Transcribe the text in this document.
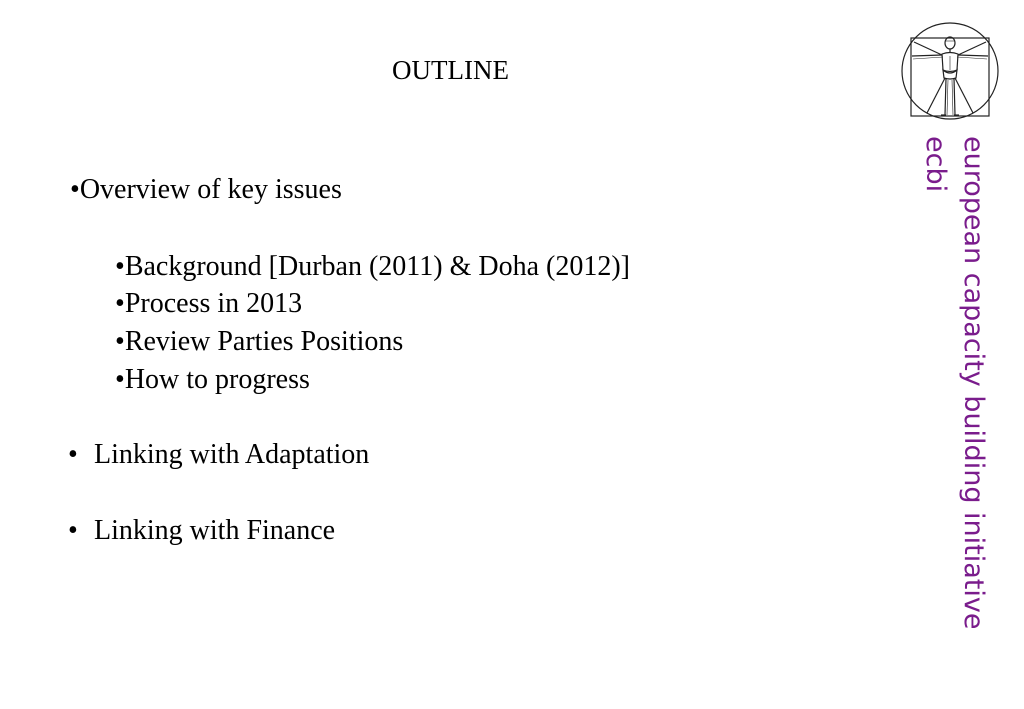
OUTLINE
•Overview of key issues
•Background [Durban (2011) & Doha (2012)]
•Process in 2013
•Review Parties Positions
•How to progress
• Linking with Adaptation
• Linking with Finance	european capacity building initiative
ecbi
